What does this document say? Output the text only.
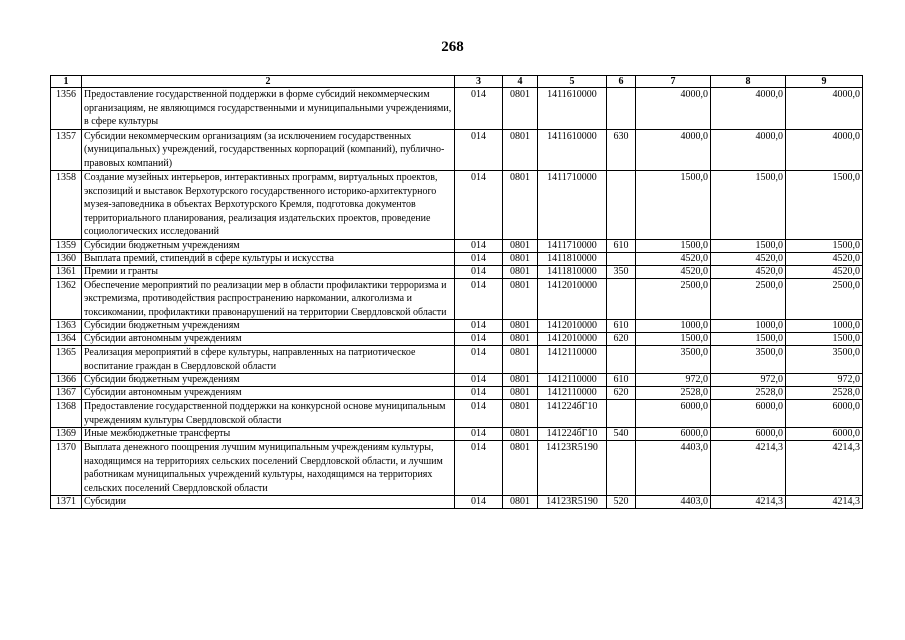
268
1	2	3	4	5	6	7	8	9
1356	Предоставление государственной поддержки в форме субсидий некоммерческим организациям, не являющимся государственными и муниципальными учреждениями, в сфере культуры	014	0801	1411610000		4000,0	4000,0	4000,0
1357	Субсидии некоммерческим организациям (за исключением государственных (муниципальных) учреждений, государственных корпораций (компаний), публично-правовых компаний)	014	0801	1411610000	630	4000,0	4000,0	4000,0
1358	Создание музейных интерьеров, интерактивных программ, виртуальных проектов, экспозиций и выставок Верхотурского государственного историко-архитектурного музея-заповедника в объектах Верхотурского Кремля, подготовка документов территориального планирования, реализация издательских проектов, проведение социологических исследований	014	0801	1411710000		1500,0	1500,0	1500,0
1359	Субсидии бюджетным учреждениям	014	0801	1411710000	610	1500,0	1500,0	1500,0
1360	Выплата премий, стипендий в сфере культуры и искусства	014	0801	1411810000		4520,0	4520,0	4520,0
1361	Премии и гранты	014	0801	1411810000	350	4520,0	4520,0	4520,0
1362	Обеспечение мероприятий по реализации мер в области профилактики терроризма и экстремизма, противодействия распространению наркомании, алкоголизма и токсикомании, профилактики правонарушений на территории Свердловской области	014	0801	1412010000		2500,0	2500,0	2500,0
1363	Субсидии бюджетным учреждениям	014	0801	1412010000	610	1000,0	1000,0	1000,0
1364	Субсидии автономным учреждениям	014	0801	1412010000	620	1500,0	1500,0	1500,0
1365	Реализация мероприятий в сфере культуры, направленных на патриотическое воспитание граждан в Свердловской области	014	0801	1412110000		3500,0	3500,0	3500,0
1366	Субсидии бюджетным учреждениям	014	0801	1412110000	610	972,0	972,0	972,0
1367	Субсидии автономным учреждениям	014	0801	1412110000	620	2528,0	2528,0	2528,0
1368	Предоставление государственной поддержки на конкурсной основе муниципальным учреждениям культуры Свердловской области	014	0801	141224бГ10		6000,0	6000,0	6000,0
1369	Иные межбюджетные трансферты	014	0801	141224бГ10	540	6000,0	6000,0	6000,0
1370	Выплата денежного поощрения лучшим муниципальным учреждениям культуры, находящимся на территориях сельских поселений Свердловской области, и лучшим работникам муниципальных учреждений культуры, находящимся на территориях сельских поселений Свердловской области	014	0801	14123R5190		4403,0	4214,3	4214,3
1371	Субсидии	014	0801	14123R5190	520	4403,0	4214,3	4214,3
